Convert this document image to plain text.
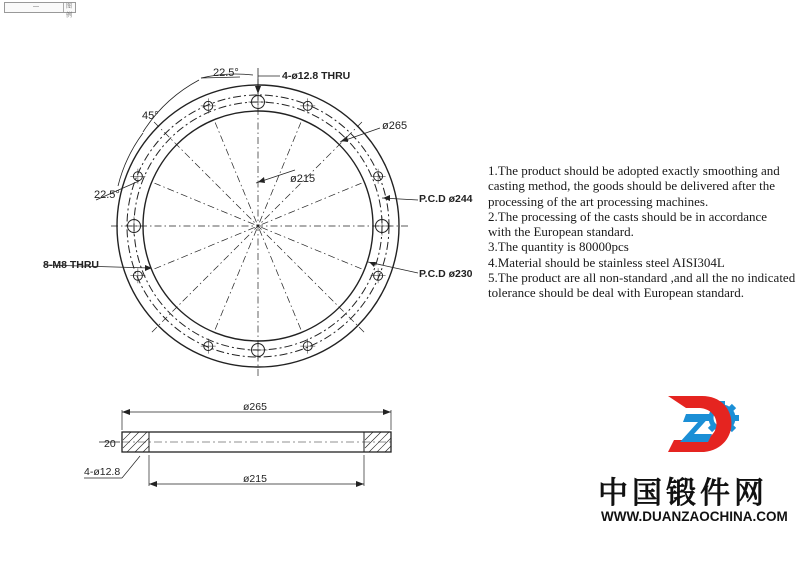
—	图例
22.5°
45°
22.5°
4-ø12.8 THRU
8-M8 THRU
ø265
ø215
P.C.D ø244
P.C.D ø230
ø265
20
4-ø12.8
ø215
1.The product should be adopted exactly smoothing and
casting method, the goods should be delivered after the
processing of the art processing machines.
2.The processing of the casts should be in accordance
with the European standard.
3.The quantity is 80000pcs
4.Material should be stainless steel AISI304L
5.The product are all non-standard ,and all the no indicated
tolerance should be deal with European standard.
中国锻件网
WWW.DUANZAOCHINA.COM
